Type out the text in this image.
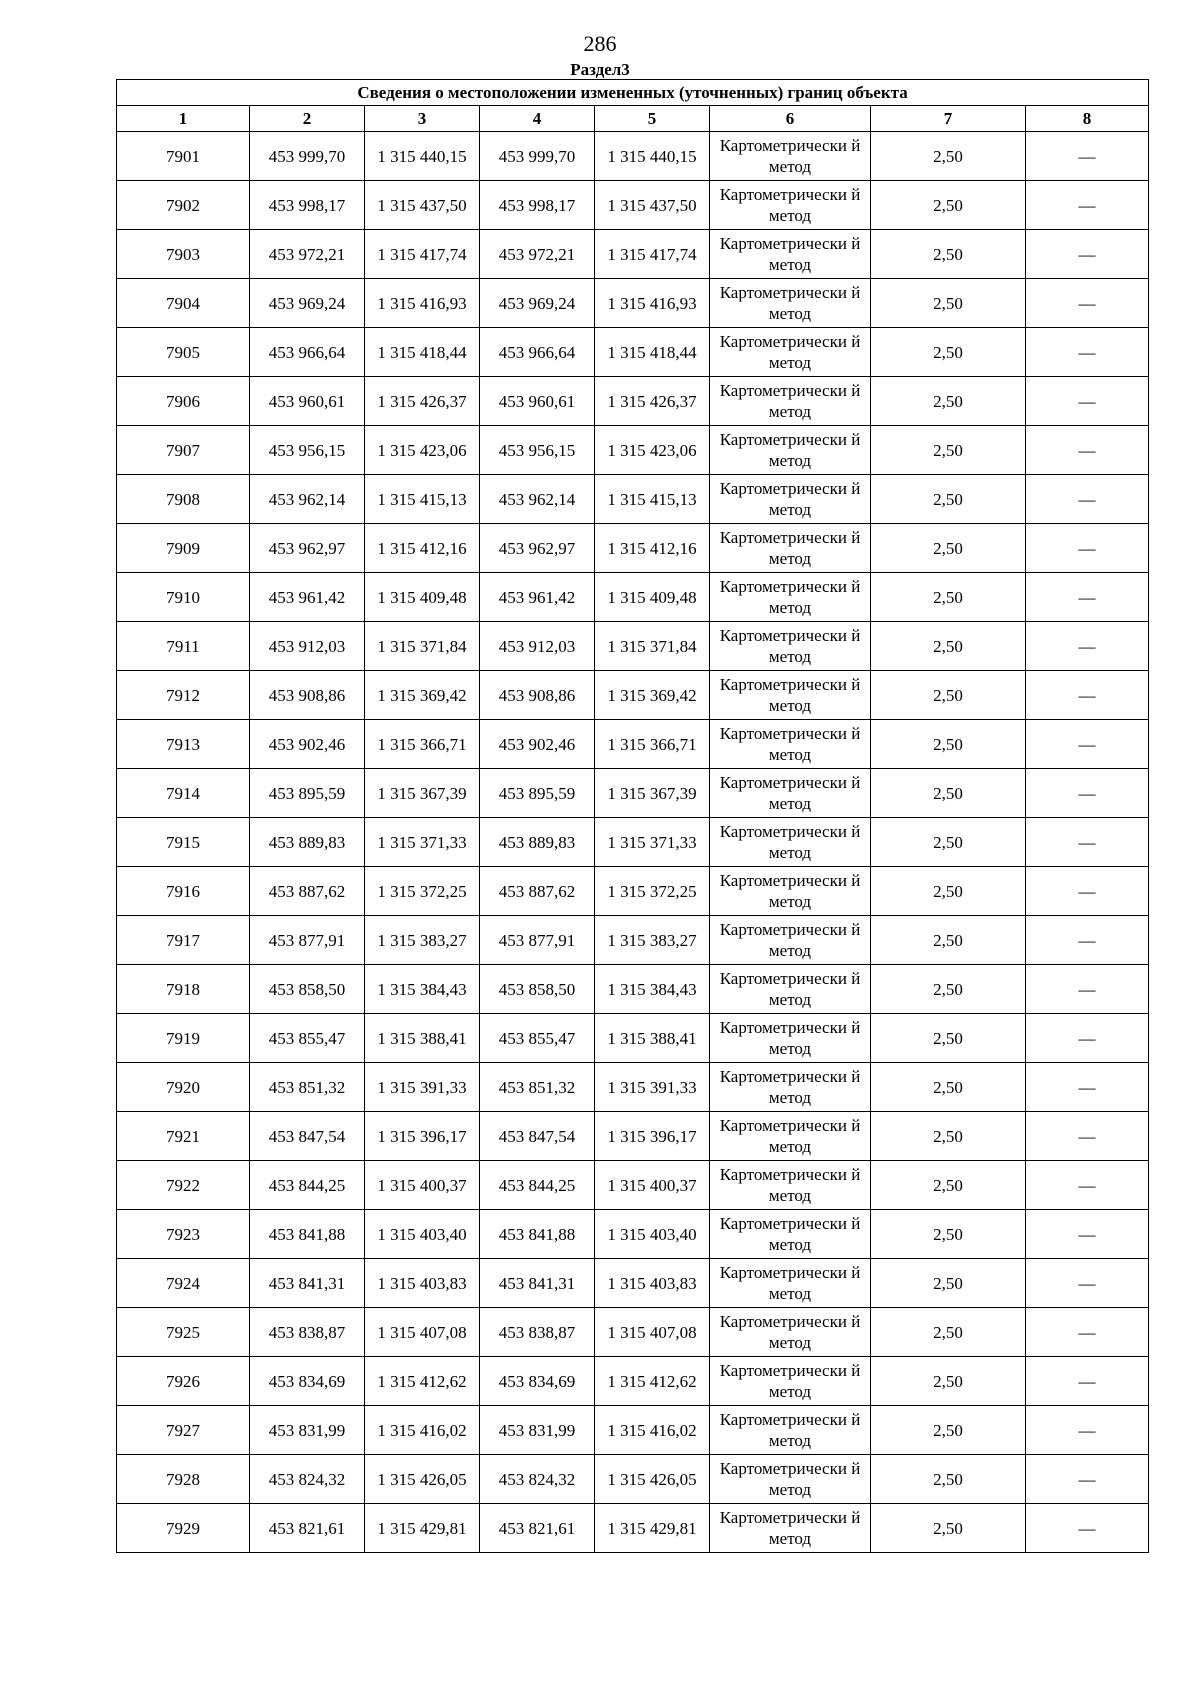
286
Раздел3
Сведения о местоположении измененных (уточненных) границ объекта							
1	2	3	4	5	6	7	8
7901	453 999,70	1 315 440,15	453 999,70	1 315 440,15	Картометрически й метод	2,50	—
7902	453 998,17	1 315 437,50	453 998,17	1 315 437,50	Картометрически й метод	2,50	—
7903	453 972,21	1 315 417,74	453 972,21	1 315 417,74	Картометрически й метод	2,50	—
7904	453 969,24	1 315 416,93	453 969,24	1 315 416,93	Картометрически й метод	2,50	—
7905	453 966,64	1 315 418,44	453 966,64	1 315 418,44	Картометрически й метод	2,50	—
7906	453 960,61	1 315 426,37	453 960,61	1 315 426,37	Картометрически й метод	2,50	—
7907	453 956,15	1 315 423,06	453 956,15	1 315 423,06	Картометрически й метод	2,50	—
7908	453 962,14	1 315 415,13	453 962,14	1 315 415,13	Картометрически й метод	2,50	—
7909	453 962,97	1 315 412,16	453 962,97	1 315 412,16	Картометрически й метод	2,50	—
7910	453 961,42	1 315 409,48	453 961,42	1 315 409,48	Картометрически й метод	2,50	—
7911	453 912,03	1 315 371,84	453 912,03	1 315 371,84	Картометрически й метод	2,50	—
7912	453 908,86	1 315 369,42	453 908,86	1 315 369,42	Картометрически й метод	2,50	—
7913	453 902,46	1 315 366,71	453 902,46	1 315 366,71	Картометрически й метод	2,50	—
7914	453 895,59	1 315 367,39	453 895,59	1 315 367,39	Картометрически й метод	2,50	—
7915	453 889,83	1 315 371,33	453 889,83	1 315 371,33	Картометрически й метод	2,50	—
7916	453 887,62	1 315 372,25	453 887,62	1 315 372,25	Картометрически й метод	2,50	—
7917	453 877,91	1 315 383,27	453 877,91	1 315 383,27	Картометрически й метод	2,50	—
7918	453 858,50	1 315 384,43	453 858,50	1 315 384,43	Картометрически й метод	2,50	—
7919	453 855,47	1 315 388,41	453 855,47	1 315 388,41	Картометрически й метод	2,50	—
7920	453 851,32	1 315 391,33	453 851,32	1 315 391,33	Картометрически й метод	2,50	—
7921	453 847,54	1 315 396,17	453 847,54	1 315 396,17	Картометрически й метод	2,50	—
7922	453 844,25	1 315 400,37	453 844,25	1 315 400,37	Картометрически й метод	2,50	—
7923	453 841,88	1 315 403,40	453 841,88	1 315 403,40	Картометрически й метод	2,50	—
7924	453 841,31	1 315 403,83	453 841,31	1 315 403,83	Картометрически й метод	2,50	—
7925	453 838,87	1 315 407,08	453 838,87	1 315 407,08	Картометрически й метод	2,50	—
7926	453 834,69	1 315 412,62	453 834,69	1 315 412,62	Картометрически й метод	2,50	—
7927	453 831,99	1 315 416,02	453 831,99	1 315 416,02	Картометрически й метод	2,50	—
7928	453 824,32	1 315 426,05	453 824,32	1 315 426,05	Картометрически й метод	2,50	—
7929	453 821,61	1 315 429,81	453 821,61	1 315 429,81	Картометрически й метод	2,50	—
